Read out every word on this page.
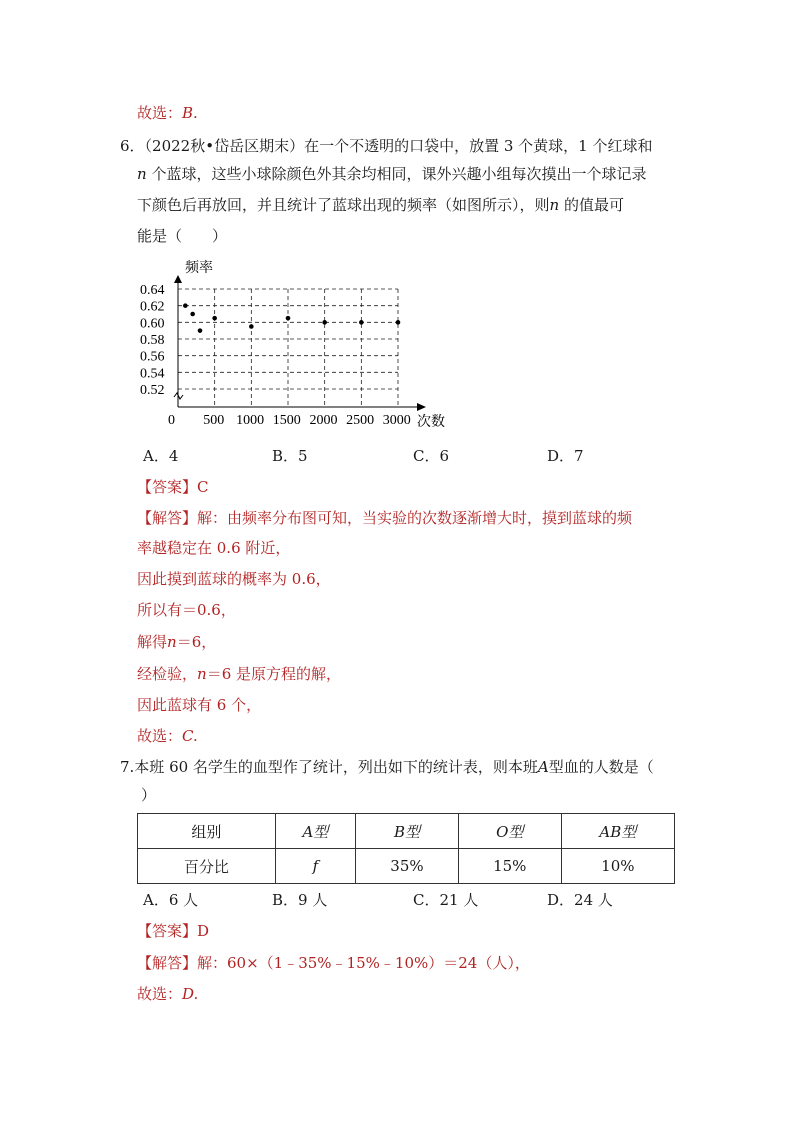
故选：B.
6．（2022秋•岱岳区期末）在一个不透明的口袋中，放置 3 个黄球，1 个红球和
n 个蓝球，这些小球除颜色外其余均相同，课外兴趣小组每次摸出一个球记录
下颜色后再放回，并且统计了蓝球出现的频率（如图所示），则n 的值最可
能是（　　）
频率
次数
0.52
0.54
0.56
0.58
0.60
0.62
0.64
0 500 1000 1500 2000 2500 3000
A．4	B．5	C．6	D．7
【答案】C
【解答】解：由频率分布图可知，当实验的次数逐渐增大时，摸到蓝球的频
率越稳定在 0.6 附近，
因此摸到蓝球的概率为 0.6，
所以有＝0.6，
解得n＝6，
经检验，n＝6 是原方程的解，
因此蓝球有 6 个，
故选：C.
7.本班 60 名学生的血型作了统计，列出如下的统计表，则本班A型血的人数是（
）
组别	A型	B型	O型	AB型
百分比	f	35%	15%	10%
A．6 人	B．9 人	C．21 人	D．24 人
【答案】D
【解答】解：60×（1﹣35%﹣15%﹣10%）＝24（人），
故选：D.
